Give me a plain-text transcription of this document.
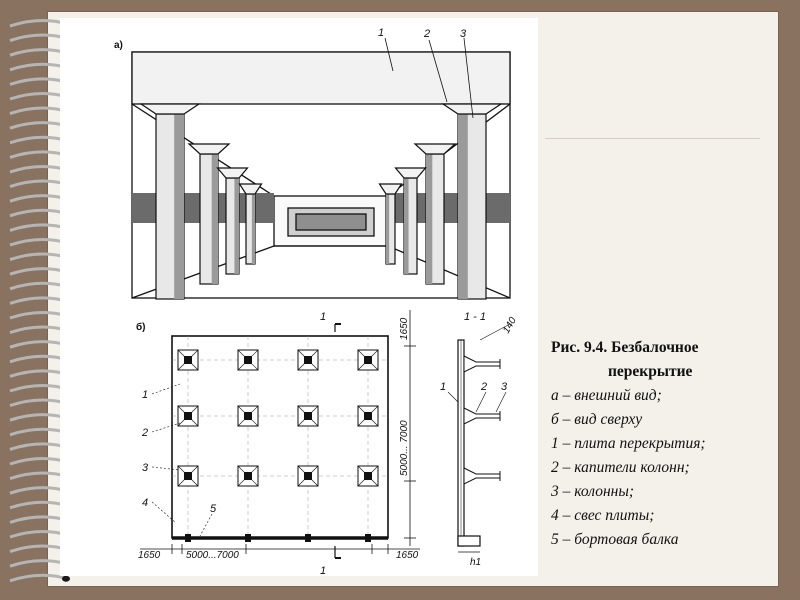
а)
1	2	3
б)
1
1
1650
5000... 7000
1650	5000...7000	1650
1
2
3
4	5
1 - 1 140
1	2 3
h1
Рис. 9.4. Безбалочное
перекрытие
а – внешний вид;
б – вид сверху
1 – плита перекрытия;
2 – капители колонн;
3 – колонны;
4 – свес плиты;
5 – бортовая балка
